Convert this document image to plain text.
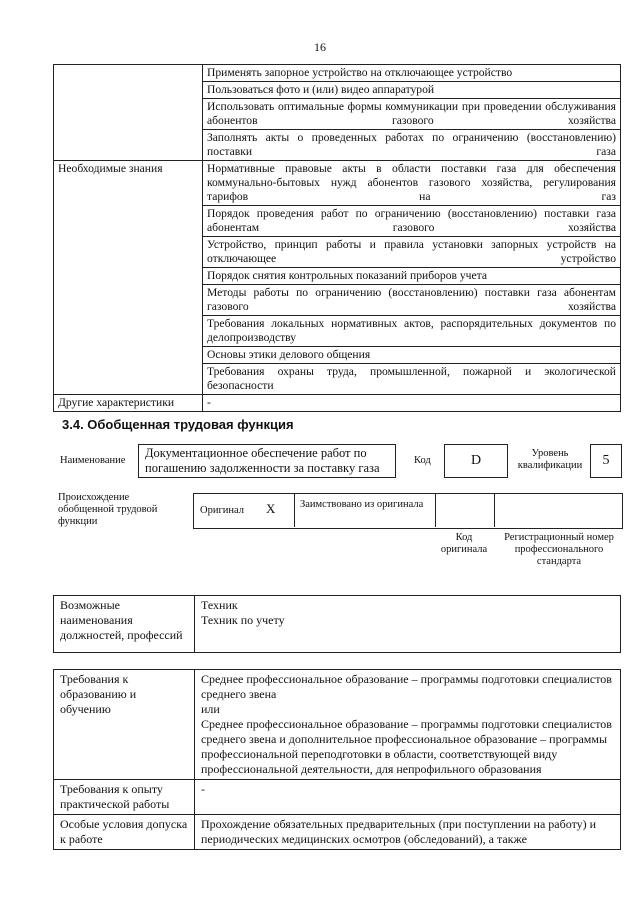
16
	Применять запорное устройство на отключающее устройство
	Пользоваться фото и (или) видео аппаратурой
	Использовать оптимальные формы коммуникации при проведении обслуживания абонентов газового хозяйства
	Заполнять акты о проведенных работах по ограничению (восстановлению) поставки газа
Необходимые знания	Нормативные правовые акты в области поставки газа для обеспечения коммунально-бытовых нужд абонентов газового хозяйства, регулирования тарифов на газ
	Порядок проведения работ по ограничению (восстановлению) поставки газа абонентам газового хозяйства
	Устройство, принцип работы и правила установки запорных устройств на отключающее устройство
	Порядок снятия контрольных показаний приборов учета
	Методы работы по ограничению (восстановлению) поставки газа абонентам газового хозяйства
	Требования локальных нормативных актов, распорядительных документов по делопроизводству
	Основы этики делового общения
	Требования охраны труда, промышленной, пожарной и экологической безопасности
Другие характеристики	-
3.4. Обобщенная трудовая функция
Наименование
Документационное обеспечение работ по погашению задолженности за поставку газа
Код	D	Уровень квалификации	5
Происхождение обобщенной трудовой функции
Оригинал X Заимствовано из оригинала
Код оригинала
Регистрационный номер профессионального стандарта
Возможные наименования должностей, профессий	Техник
Техник по учету
Требования к образованию и обучению	Среднее профессиональное образование – программы подготовки специалистов среднего звена
или
Среднее профессиональное образование – программы подготовки специалистов среднего звена и дополнительное профессиональное образование – программы профессиональной переподготовки в области, соответствующей виду профессиональной деятельности, для непрофильного образования
Требования к опыту практической работы	-
Особые условия допуска к работе	Прохождение обязательных предварительных (при поступлении на работу) и периодических медицинских осмотров (обследований), а также
